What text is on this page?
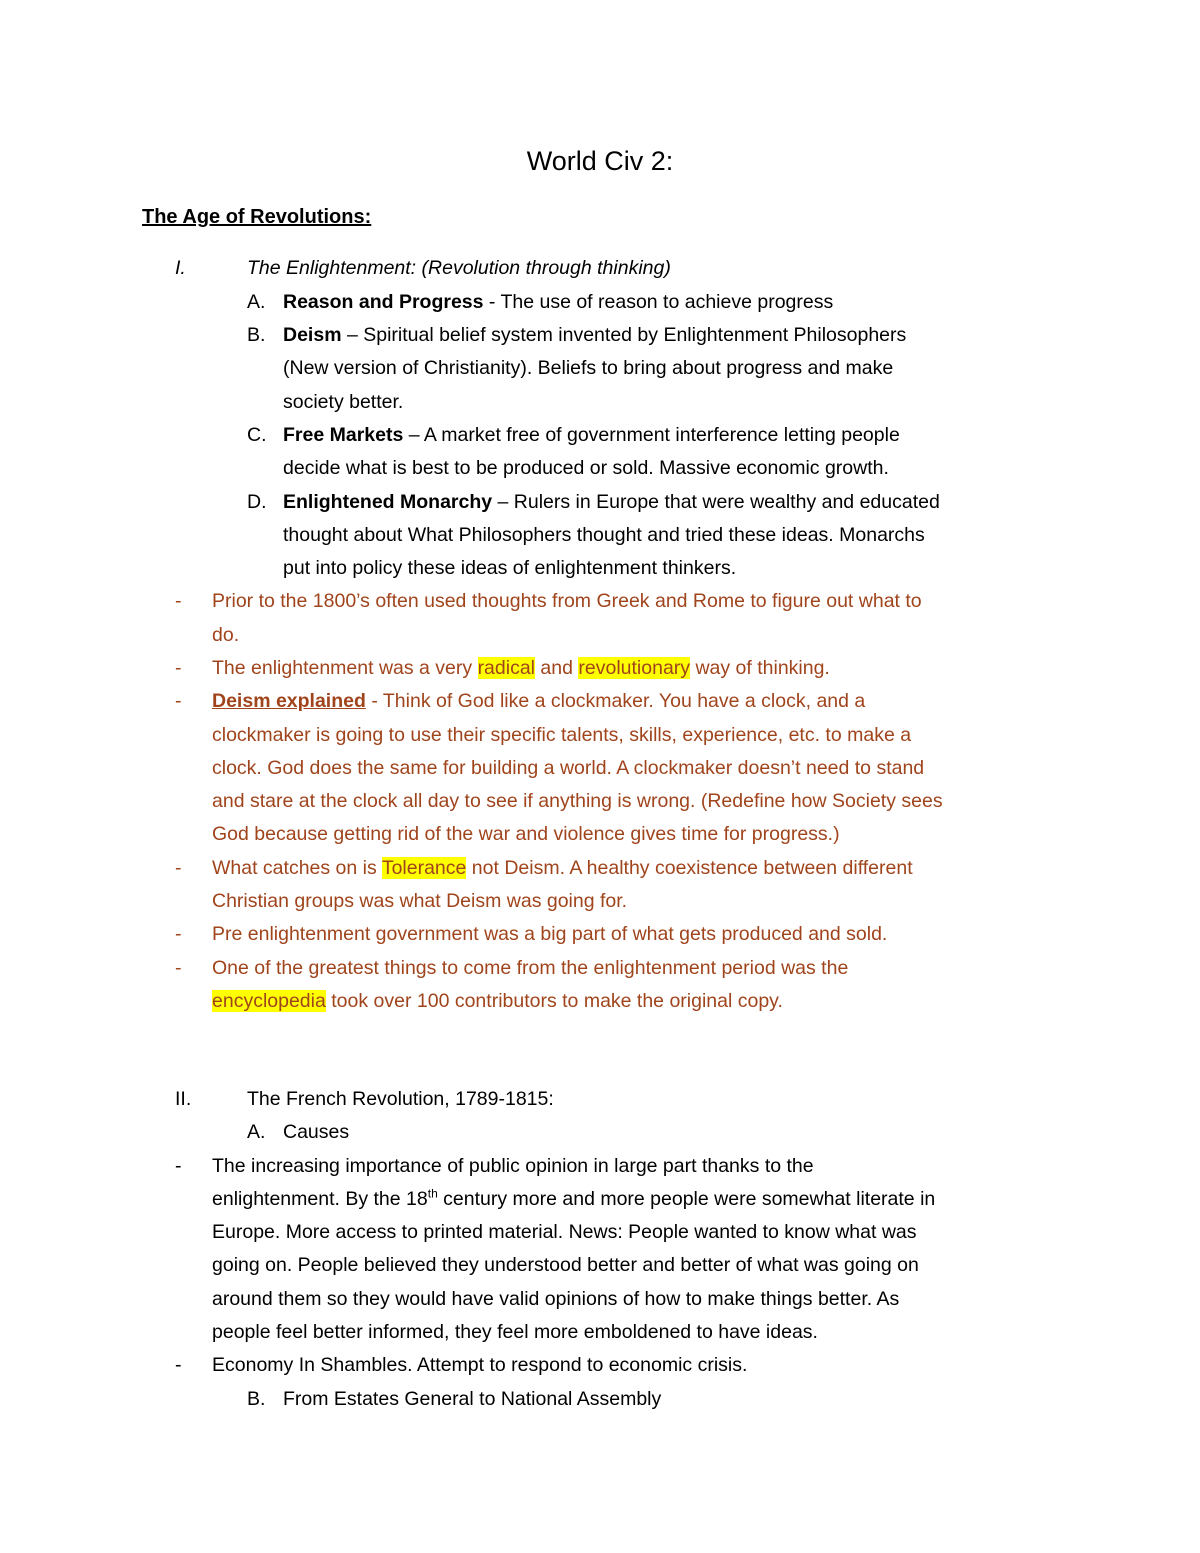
World Civ 2:
The Age of Revolutions:
I.	The Enlightenment: (Revolution through thinking)
A. Reason and Progress - The use of reason to achieve progress
B. Deism – Spiritual belief system invented by Enlightenment Philosophers
(New version of Christianity). Beliefs to bring about progress and make
society better.
C. Free Markets – A market free of government interference letting people
decide what is best to be produced or sold. Massive economic growth.
D. Enlightened Monarchy – Rulers in Europe that were wealthy and educated
thought about What Philosophers thought and tried these ideas. Monarchs
put into policy these ideas of enlightenment thinkers.
- Prior to the 1800’s often used thoughts from Greek and Rome to figure out what to
do.
- The enlightenment was a very radical and revolutionary way of thinking.
- Deism explained - Think of God like a clockmaker. You have a clock, and a
clockmaker is going to use their specific talents, skills, experience, etc. to make a
clock. God does the same for building a world. A clockmaker doesn’t need to stand
and stare at the clock all day to see if anything is wrong. (Redefine how Society sees
God because getting rid of the war and violence gives time for progress.)
- What catches on is Tolerance not Deism. A healthy coexistence between different
Christian groups was what Deism was going for.
- Pre enlightenment government was a big part of what gets produced and sold.
- One of the greatest things to come from the enlightenment period was the
encyclopedia took over 100 contributors to make the original copy.
II.	The French Revolution, 1789-1815:
A. Causes
- The increasing importance of public opinion in large part thanks to the
enlightenment. By the 18th century more and more people were somewhat literate in
Europe. More access to printed material. News: People wanted to know what was
going on. People believed they understood better and better of what was going on
around them so they would have valid opinions of how to make things better. As
people feel better informed, they feel more emboldened to have ideas.
- Economy In Shambles. Attempt to respond to economic crisis.
B. From Estates General to National Assembly
